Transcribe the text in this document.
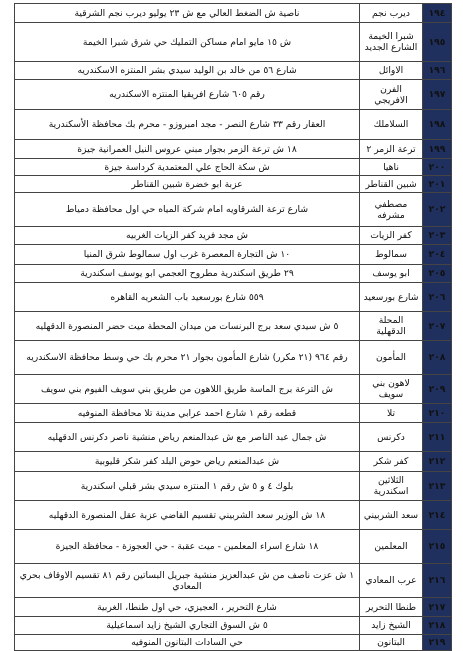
١٩٤	ديرب نجم	ناصية ش الضغط العالي مع ش ٢٣ يوليو ديرب نجم الشرقية
١٩٥	شبرا الخيمة الشارع الجديد	ش ١٥ مايو امام مساكن التمليك حي شرق شبرا الخيمة
١٩٦	الاوائل	شارع ٥٦ من خالد بن الوليد سيدي بشر المنتزه الاسكندريه
١٩٧	الفرن الافريجي	رقم ٦٠٥ شارع افريقيا المنتزه الاسكندريه
١٩٨	السلاملك	العقار رقم ٣٣ شارع النصر - مجد امبروزو - محرم بك محافظة الأسكندرية
١٩٩	ترعة الزمر ٢	١٨ ش ترعة الزمر بجوار مبني عروس النيل العمرانية جيزة
٢٠٠	ناهيا	ش سكة الحاج علي المعتمدية كرداسة جيزة
٢٠١	شبين القناطر	عزبة ابو خضرة شبين القناطر
٢٠٢	مصطفي مشرفه	شارع ترعة الشرقاويه امام شركة المياه حي اول محافظة دمياط
٢٠٣	كفر الزيات	ش مجد فريد كفر الزيات الغربيه
٢٠٤	سمالوط	١٠ ش التجارة المعصرة غرب اول سمالوط شرق المنيا
٢٠٥	ابو يوسف	٢٩ طريق اسكندرية مطروح العجمي ابو يوسف اسكندرية
٢٠٦	شارع بورسعيد	٥٥٩ شارع بورسعيد باب الشعريه القاهره
٢٠٧	المحلة الدقهلية	٥ ش سيدي سعد برج البرنسات من ميدان المحطة ميت حضر المنصورة الدقهليه
٢٠٨	المأمون	رقم ٩٦٤ (٢١ مكرر) شارع المأمون بجوار ٢١ محرم بك حي وسط محافظة الاسكندريه
٢٠٩	لاهون بني سويف	ش الترعة برج الماسة طريق اللاهون من طريق بني سويف الفيوم بني سويف
٢١٠	تلا	قطعه رقم ١ شارع احمد عرابي مدينة تلا محافظة المنوفيه
٢١١	دكرنس	ش جمال عبد الناصر مع ش عبدالمنعم رياض منشية ناصر دكرنس الدقهليه
٢١٢	كفر شكر	ش عبدالمنعم رياض حوض البلد كفر شكر قليوبية
٢١٣	الثلاثين اسكندرية	بلوك ٤ و ٥ ش رقم ١ المنتزه سيدي بشر قبلي اسكندرية
٢١٤	سعد الشربيني	١٨ ش الوزير سعد الشربيني تقسيم القاضي عزبة عقل المنصورة الدقهليه
٢١٥	المعلمين	١٨ شارع اسراء المعلمين - ميت عقبة - حي العجوزة - محافظة الجيزة
٢١٦	عرب المعادي	١ ش عزت ناصف من ش عبدالعزيز منشية جبريل البساتين رقم ٨١ تقسيم الاوقاف بحري المعادي
٢١٧	طنطا التحرير	شارع التحرير ، العجيزي، حي اول طنطا، الغربية
٢١٨	الشيخ زايد	٥ ش السوق التجاري الشيخ زايد اسماعيلية
٢١٩	البتانون	حي السادات البتانون المنوفيه
